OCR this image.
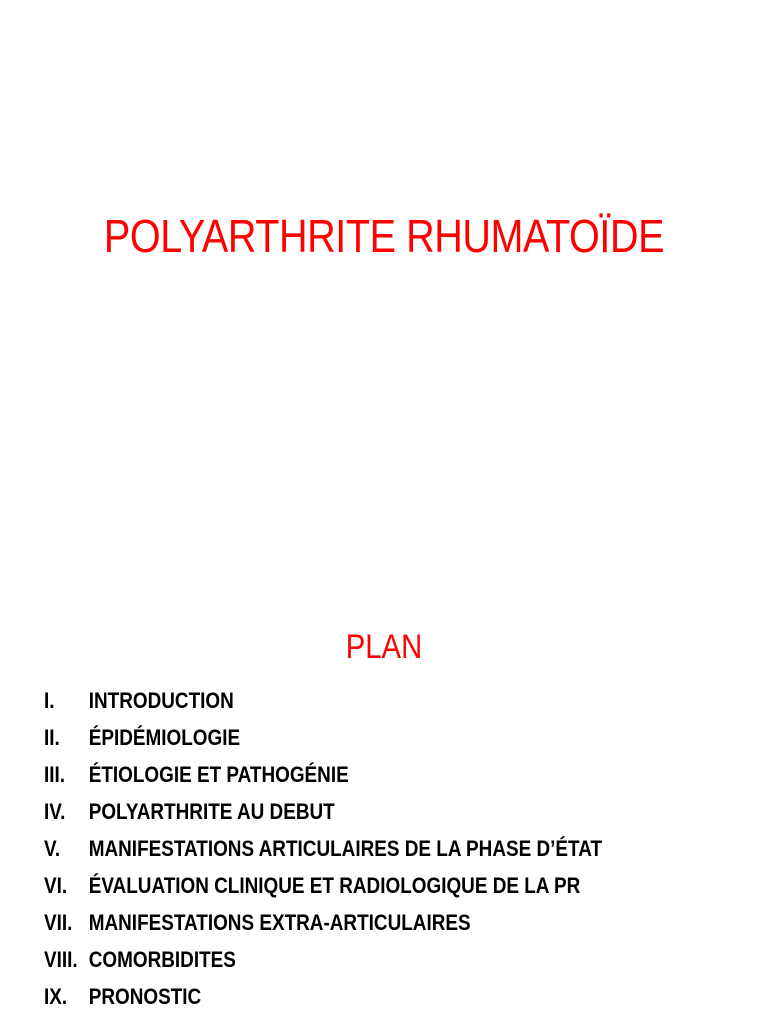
POLYARTHRITE RHUMATOÏDE
PLAN
I. INTRODUCTION
II. ÉPIDÉMIOLOGIE
III. ÉTIOLOGIE ET PATHOGÉNIE
IV. POLYARTHRITE AU DEBUT
V. MANIFESTATIONS ARTICULAIRES DE LA PHASE D’ÉTAT
VI. ÉVALUATION CLINIQUE ET RADIOLOGIQUE DE LA PR
VII. MANIFESTATIONS EXTRA-ARTICULAIRES
VIII. COMORBIDITES
IX. PRONOSTIC
